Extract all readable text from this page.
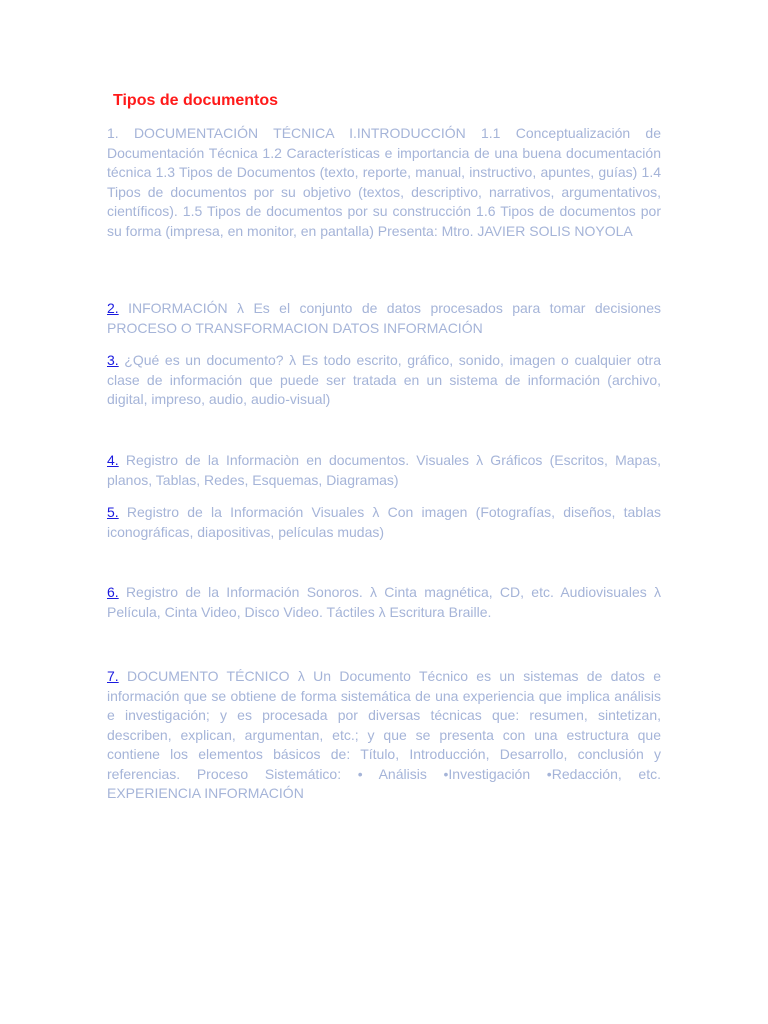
Tipos de documentos

1. DOCUMENTACIÓN TÉCNICA I.INTRODUCCIÓN 1.1 Conceptualización de Documentación Técnica 1.2 Características e importancia de una buena documentación técnica 1.3 Tipos de Documentos (texto, reporte, manual, instructivo, apuntes, guías) 1.4 Tipos de documentos por su objetivo (textos, descriptivo, narrativos, argumentativos, científicos). 1.5 Tipos de documentos por su construcción 1.6 Tipos de documentos por su forma (impresa, en monitor, en pantalla) Presenta: Mtro. JAVIER SOLIS NOYOLA

2. INFORMACIÓN λ Es el conjunto de datos procesados para tomar decisiones PROCESO O TRANSFORMACION DATOS INFORMACIÓN

3. ¿Qué es un documento? λ Es todo escrito, gráfico, sonido, imagen o cualquier otra clase de información que puede ser tratada en un sistema de información (archivo, digital, impreso, audio, audio-visual)

4. Registro de la Informaciòn en documentos. Visuales λ Gráficos (Escritos, Mapas, planos, Tablas, Redes, Esquemas, Diagramas)

5. Registro de la Información Visuales λ Con imagen (Fotografías, diseños, tablas iconográficas, diapositivas, películas mudas)

6. Registro de la Información Sonoros. λ Cinta magnética, CD, etc. Audiovisuales λ Película, Cinta Video, Disco Video. Táctiles λ Escritura Braille.

7. DOCUMENTO TÉCNICO λ Un Documento Técnico es un sistemas de datos e información que se obtiene de forma sistemática de una experiencia que implica análisis e investigación; y es procesada por diversas técnicas que: resumen, sintetizan, describen, explican, argumentan, etc.; y que se presenta con una estructura que contiene los elementos básicos de: Título, Introducción, Desarrollo, conclusión y referencias. Proceso Sistemático: • Análisis •Investigación •Redacción, etc. EXPERIENCIA INFORMACIÓN
